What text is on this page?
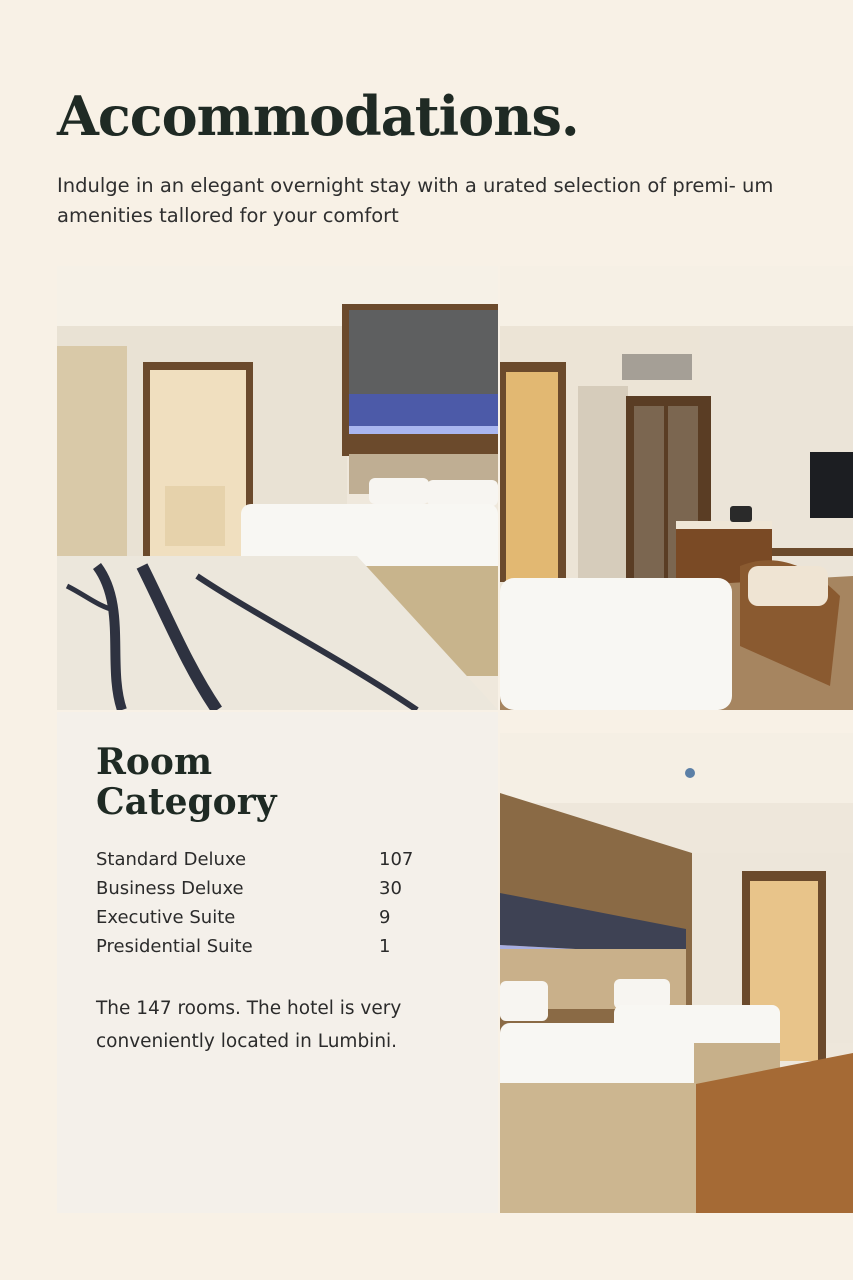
Accommodations.

Indulge in an elegant overnight stay with a urated selection of premi- um amenities tallored for your comfort

Room Category
Standard Deluxe	107
Business Deluxe	30
Executive Suite	9
Presidential Suite	1

The 147 rooms. The hotel is very conveniently located in Lumbini.
